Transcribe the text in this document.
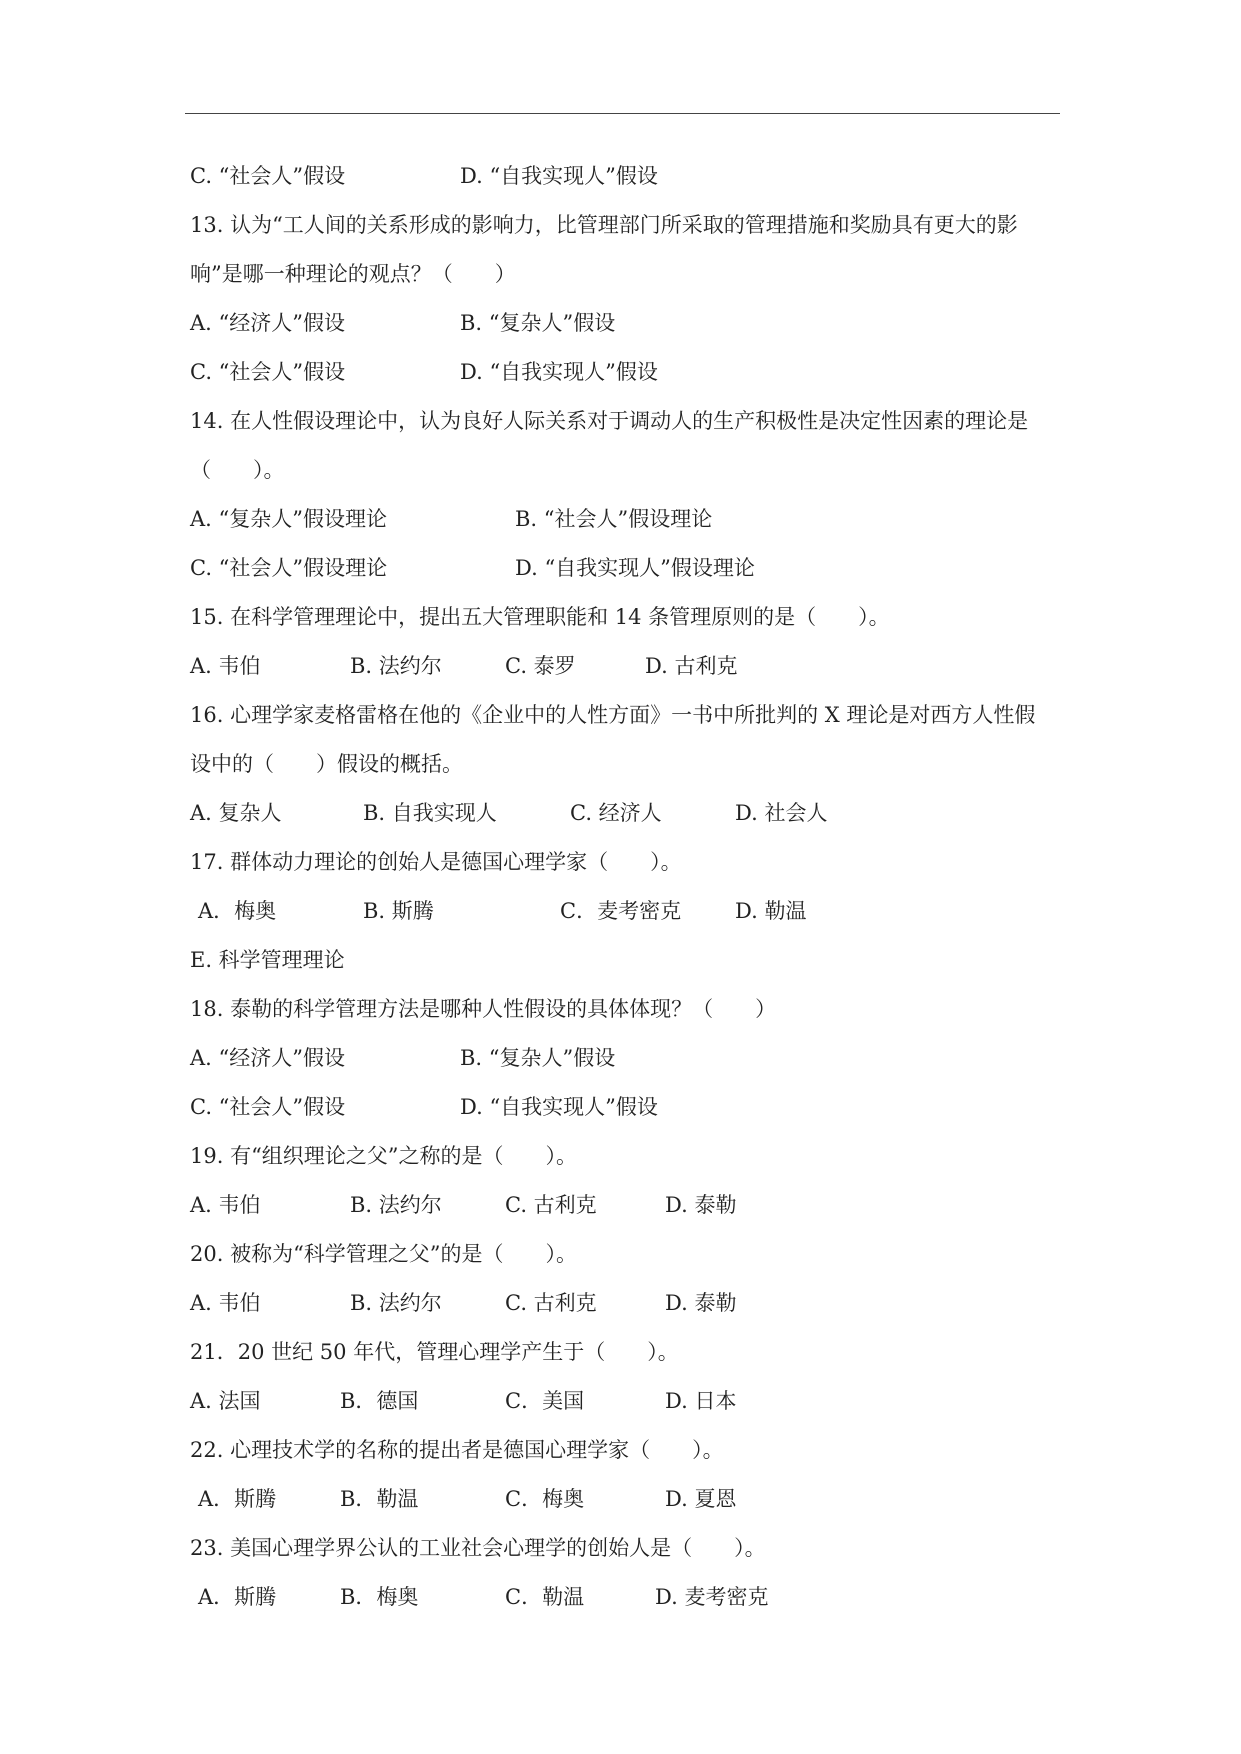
C. “社会人”假设	D. “自我实现人”假设
13. 认为“工人间的关系形成的影响力，比管理部门所采取的管理措施和奖励具有更大的影
响”是哪一种理论的观点？（　　）
A. “经济人”假设	B. “复杂人”假设
C. “社会人”假设	D. “自我实现人”假设
14. 在人性假设理论中，认为良好人际关系对于调动人的生产积极性是决定性因素的理论是
（　　）。
A. “复杂人”假设理论	B. “社会人”假设理论
C. “社会人”假设理论	D. “自我实现人”假设理论
15. 在科学管理理论中，提出五大管理职能和 14 条管理原则的是（　　）。
A. 韦伯	B. 法约尔	C. 泰罗	D. 古利克
16. 心理学家麦格雷格在他的《企业中的人性方面》一书中所批判的 X 理论是对西方人性假
设中的（　　）假设的概括。
A. 复杂人	B. 自我实现人	C. 经济人	D. 社会人
17. 群体动力理论的创始人是德国心理学家（　　）。
A．梅奥	B. 斯腾	C．麦考密克	D. 勒温
E. 科学管理理论
18. 泰勒的科学管理方法是哪种人性假设的具体体现？（　　）
A. “经济人”假设	B. “复杂人”假设
C. “社会人”假设	D. “自我实现人”假设
19. 有“组织理论之父”之称的是（　　）。
A. 韦伯	B. 法约尔	C. 古利克	D. 泰勒
20. 被称为“科学管理之父”的是（　　）。
A. 韦伯	B. 法约尔	C. 古利克	D. 泰勒
21．20 世纪 50 年代，管理心理学产生于（　　）。
A. 法国	B．德国	C．美国	D. 日本
22. 心理技术学的名称的提出者是德国心理学家（　　）。
A．斯腾	B．勒温	C．梅奥	D. 夏恩
23. 美国心理学界公认的工业社会心理学的创始人是（　　）。
A．斯腾	B．梅奥	C．勒温	D. 麦考密克
